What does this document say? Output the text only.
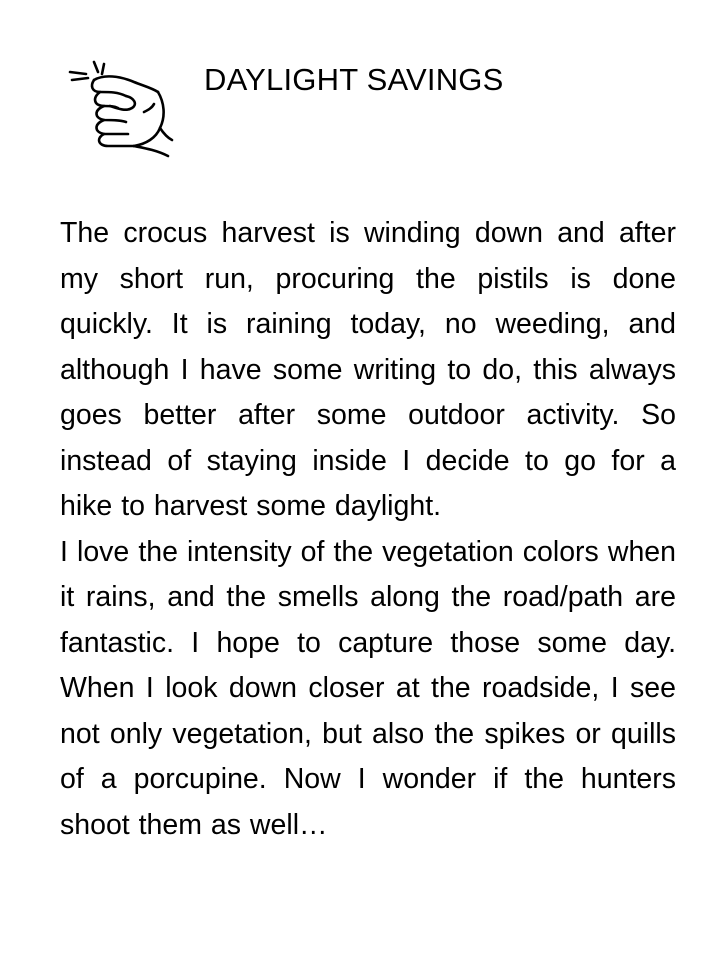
DAYLIGHT SAVINGS

The crocus harvest is winding down and after my short run, procuring the pistils is done quickly. It is raining today, no weeding, and although I have some writing to do, this always goes better after some outdoor activity. So instead of staying inside I decide to go for a hike to harvest some daylight.

I love the intensity of the vegetation colors when it rains, and the smells along the road/path are fantastic. I hope to capture those some day. When I look down closer at the roadside, I see not only vegetation, but also the spikes or quills of a porcupine. Now I wonder if the hunters shoot them as well…
